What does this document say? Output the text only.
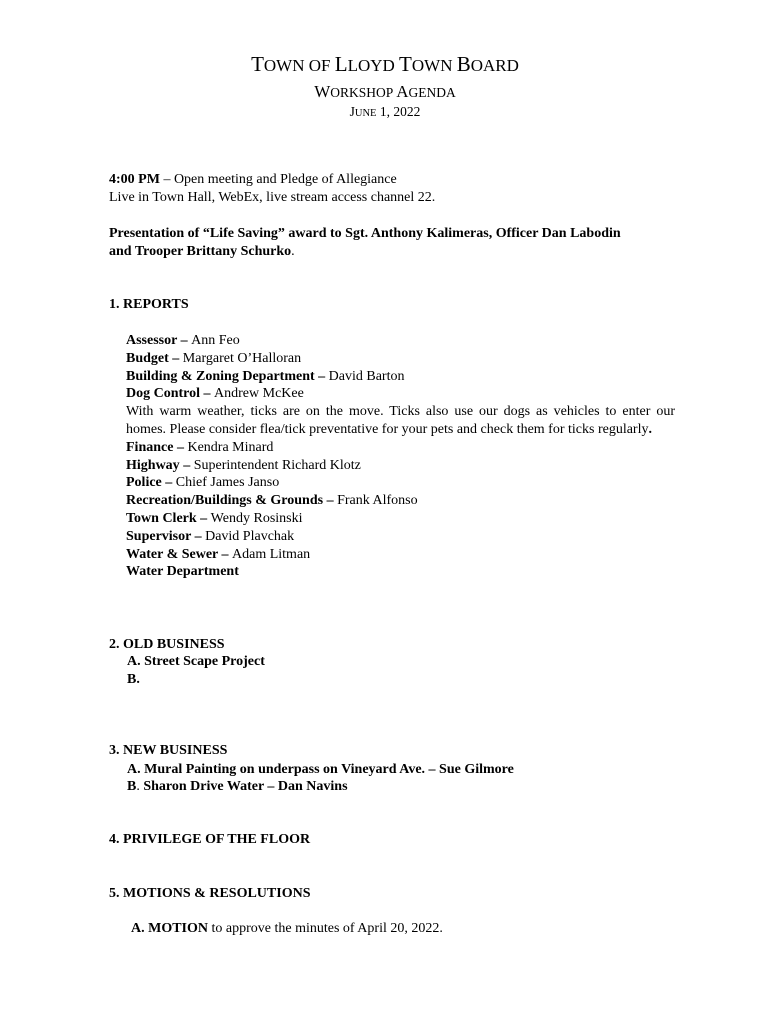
TOWN OF LLOYD TOWN BOARD
WORKSHOP AGENDA
JUNE 1, 2022

4:00 PM – Open meeting and Pledge of Allegiance

Live in Town Hall, WebEx, live stream access channel 22.

Presentation of “Life Saving” award to Sgt. Anthony Kalimeras, Officer Dan Labodin

and Trooper Brittany Schurko.

1. REPORTS

Assessor – Ann Feo

Budget – Margaret O’Halloran

Building & Zoning Department – David Barton

Dog Control – Andrew McKee

With warm weather, ticks are on the move. Ticks also use our dogs as vehicles to enter our homes. Please consider flea/tick preventative for your pets and check them for ticks regularly.

Finance – Kendra Minard

Highway – Superintendent Richard Klotz

Police – Chief James Janso

Recreation/Buildings & Grounds – Frank Alfonso

Town Clerk – Wendy Rosinski

Supervisor – David Plavchak

Water & Sewer – Adam Litman

Water Department

2. OLD BUSINESS
A. Street Scape Project
B.
3. NEW BUSINESS
A. Mural Painting on underpass on Vineyard Ave. – Sue Gilmore
B. Sharon Drive Water – Dan Navins
4. PRIVILEGE OF THE FLOOR
5. MOTIONS & RESOLUTIONS
A. MOTION to approve the minutes of April 20, 2022.
